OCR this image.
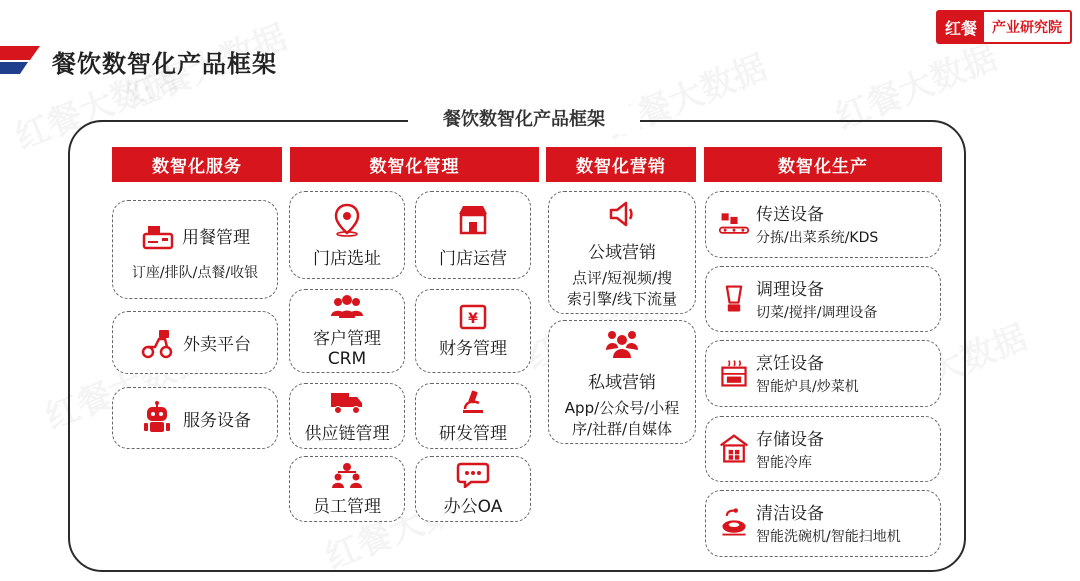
餐饮数智化产品框架
红餐	产业研究院
餐饮数智化产品框架
数智化服务	数智化管理	数智化营销	数智化生产
用餐管理
订座/排队/点餐/收银
外卖平台
服务设备
门店选址	门店运营
客户管理
CRM
¥
财务管理
供应链管理	研发管理
员工管理	办公OA
公域营销
点评/短视频/搜
索引擎/线下流量
私域营销
App/公众号/小程
序/社群/自媒体
传送设备
分拣/出菜系统/KDS
调理设备
切菜/搅拌/调理设备
烹饪设备
智能炉具/炒菜机
存储设备
智能冷库
清洁设备
智能洗碗机/智能扫地机
